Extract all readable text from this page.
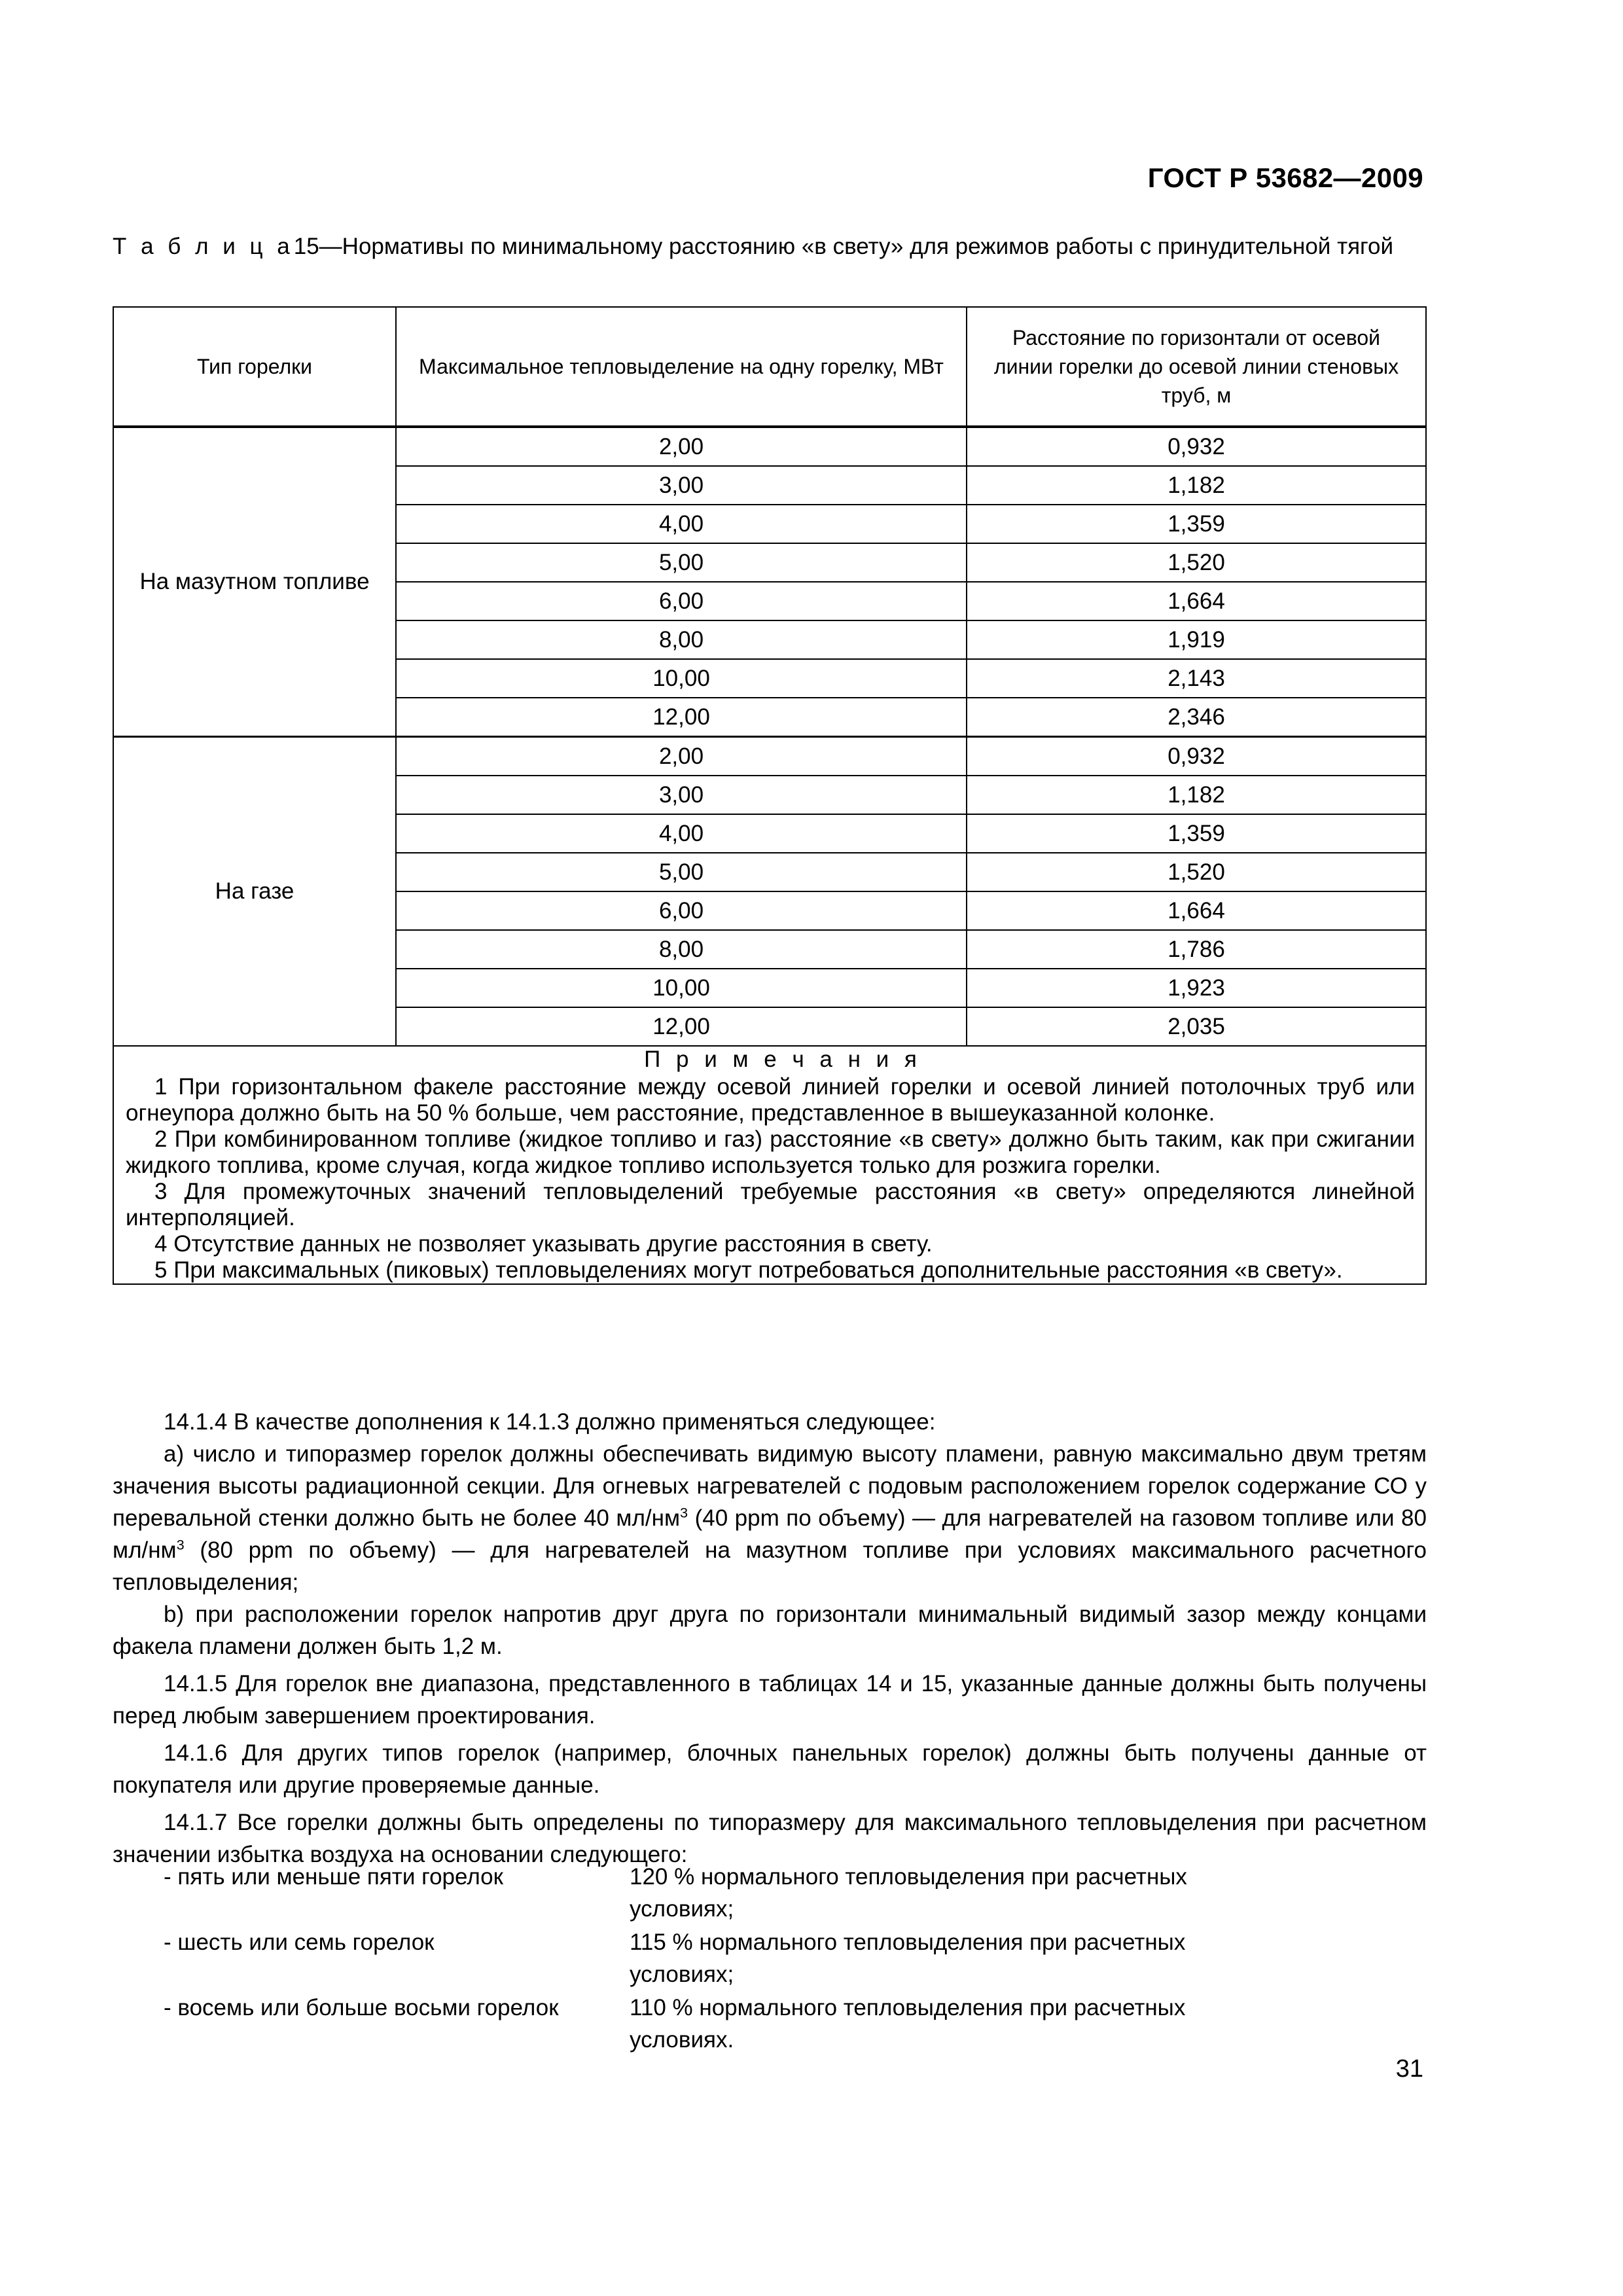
ГОСТ Р 53682—2009
Т а б л и ц а15—Нормативы по минимальному расстоянию «в свету» для режимов работы с принудительной тягой
Тип горелки	Максимальное тепловыделение на одну горелку, МВт	Расстояние по горизонтали от осевой линии горелки до осевой линии стеновых труб, м
На мазутном топливе	2,00	0,932
	3,00	1,182
	4,00	1,359
	5,00	1,520
	6,00	1,664
	8,00	1,919
	10,00	2,143
	12,00	2,346
На газе	2,00	0,932
	3,00	1,182
	4,00	1,359
	5,00	1,520
	6,00	1,664
	8,00	1,786
	10,00	1,923
	12,00	2,035

П р и м е ч а н и я
1 При горизонтальном факеле расстояние между осевой линией горелки и осевой линией потолочных труб или огнеупора должно быть на 50 % больше, чем расстояние, представленное в вышеуказанной колонке.
2 При комбинированном топливе (жидкое топливо и газ) расстояние «в свету» должно быть таким, как при сжигании жидкого топлива, кроме случая, когда жидкое топливо используется только для розжига горелки.
3 Для промежуточных значений тепловыделений требуемые расстояния «в свету» определяются линейной интерполяцией.
4 Отсутствие данных не позволяет указывать другие расстояния в свету.
5 При максимальных (пиковых) тепловыделениях могут потребоваться дополнительные расстояния «в свету».

14.1.4 В качестве дополнения к 14.1.3 должно применяться следующее:

a) число и типоразмер горелок должны обеспечивать видимую высоту пламени, равную максимально двум третям значения высоты радиационной секции. Для огневых нагревателей с подовым расположением горелок содержание СО у перевальной стенки должно быть не более 40 $мл/нм^3$ (40 ppm по объему) — для нагревателей на газовом топливе или 80 $мл/нм^3$ (80 ppm по объему) — для нагревателей на мазутном топливе при условиях максимального расчетного тепловыделения;

b) при расположении горелок напротив друг друга по горизонтали минимальный видимый зазор между концами факела пламени должен быть 1,2 м.

14.1.5 Для горелок вне диапазона, представленного в таблицах 14 и 15, указанные данные должны быть получены перед любым завершением проектирования.

14.1.6 Для других типов горелок (например, блочных панельных горелок) должны быть получены данные от покупателя или другие проверяемые данные.

14.1.7 Все горелки должны быть определены по типоразмеру для максимального тепловыделения при расчетном значении избытка воздуха на основании следующего:

- пять или меньше пяти горелок	120 % нормального тепловыделения при расчетных условиях;
- шесть или семь горелок	115 % нормального тепловыделения при расчетных условиях;
- восемь или больше восьми горелок	110 % нормального тепловыделения при расчетных условиях.
31
